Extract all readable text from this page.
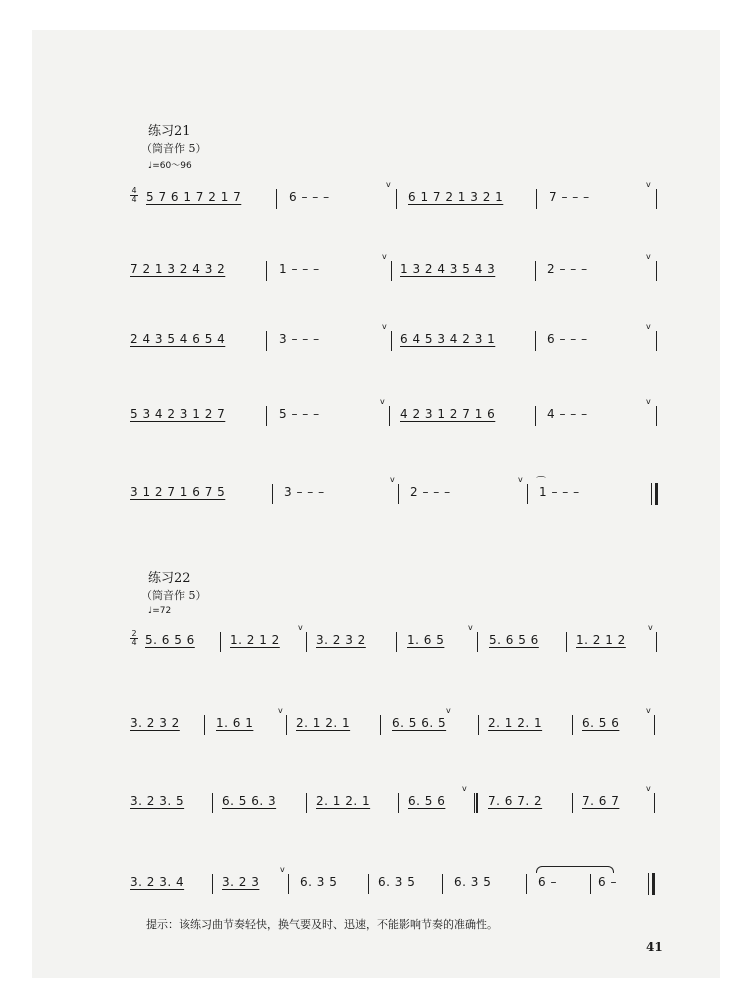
练习21
（筒音作 5）
♩=60～96
4
4 5 7 6 1 7 2 1 7	6 – – –
v
6 1 7 2 1 3 2 1	7 – – –
v
7 2 1 3 2 4 3 2	1 – – –
v
1 3 2 4 3 5 4 3	2 – – –
v
2 4 3 5 4 6 5 4	3 – – –
v
6 4 5 3 4 2 3 1	6 – – –
v
5 3 4 2 3 1 2 7	5 – – –
v
4 2 3 1 2 7 1 6	4 – – –
v
3 1 2 7 1 6 7 5	3 – – –
v
2 – – –
v ⌒
1 – – –
练习22
（筒音作 5）
♩=72
2
4 5. 6 5 6	1. 2 1 2
v
3. 2 3 2	1. 6 5
v
5. 6 5 6	1. 2 1 2
v
3. 2 3 2	1. 6 1
v
2. 1 2. 1	6. 5 6. 5
v
2. 1 2. 1	6. 5 6
v
3. 2 3. 5	6. 5 6. 3	2. 1 2. 1	6. 5 6
v
7. 6 7. 2	7. 6 7
v
3. 2 3. 4	3. 2 3
v
6. 3 5	6. 3 5	6. 3 5	6 –	6 –
提示：该练习曲节奏轻快，换气要及时、迅速，不能影响节奏的准确性。
41
